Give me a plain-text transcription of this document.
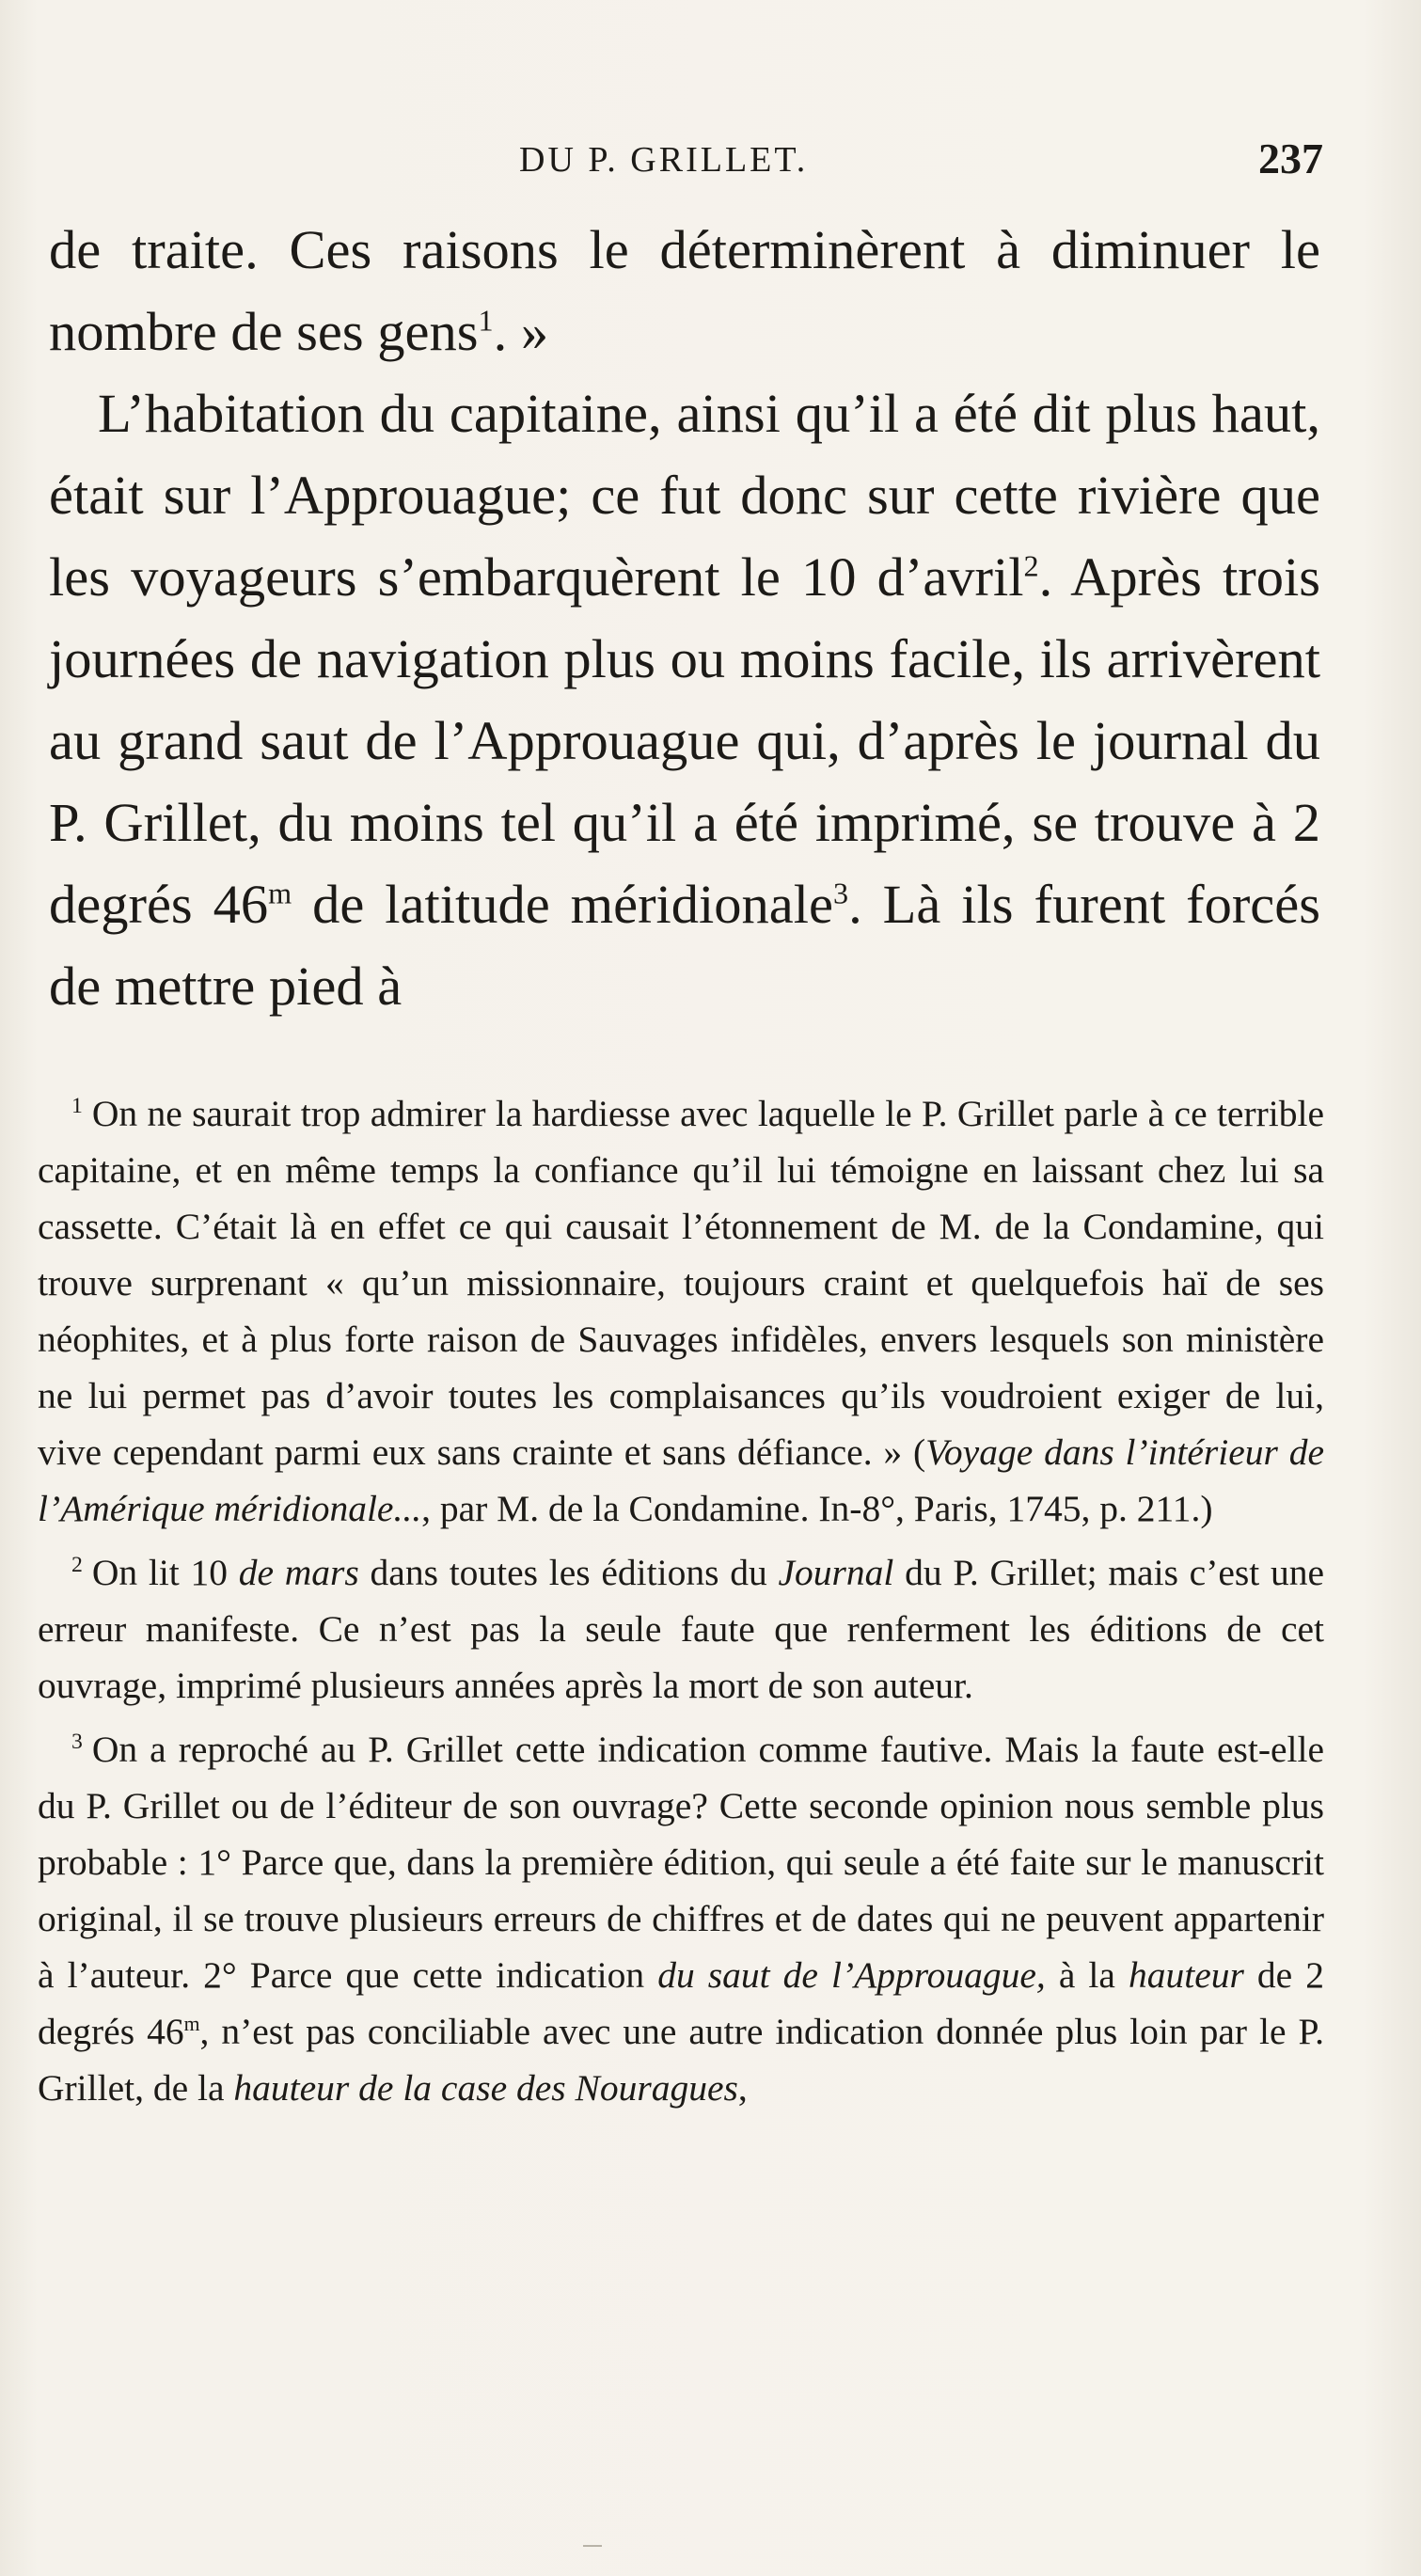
DU P. GRILLET.	237

de traite. Ces raisons le déterminèrent à diminuer le nombre de ses gens$^1$. »

L’habitation du capitaine, ainsi qu’il a été dit plus haut, était sur l’Approuague; ce fut donc sur cette rivière que les voyageurs s’embarquèrent le 10 d’avril$^2$. Après trois journées de navigation plus ou moins facile, ils arrivèrent au grand saut de l’Approuague qui, d’après le journal du P. Grillet, du moins tel qu’il a été imprimé, se trouve à 2 degrés 46$^m$ de latitude méridionale$^3$. Là ils furent forcés de mettre pied à

$^1$ On ne saurait trop admirer la hardiesse avec laquelle le P. Grillet parle à ce terrible capitaine, et en même temps la confiance qu’il lui témoigne en laissant chez lui sa cassette. C’était là en effet ce qui causait l’étonnement de M. de la Condamine, qui trouve surprenant « qu’un missionnaire, toujours craint et quelquefois haï de ses néophites, et à plus forte raison de Sauvages infidèles, envers lesquels son ministère ne lui permet pas d’avoir toutes les complaisances qu’ils voudroient exiger de lui, vive cependant parmi eux sans crainte et sans défiance. » (Voyage dans l’intérieur de l’Amérique méridionale..., par M. de la Condamine. In-8°, Paris, 1745, p. 211.)

$^2$ On lit 10 de mars dans toutes les éditions du Journal du P. Grillet; mais c’est une erreur manifeste. Ce n’est pas la seule faute que renferment les éditions de cet ouvrage, imprimé plusieurs années après la mort de son auteur.

$^3$ On a reproché au P. Grillet cette indication comme fautive. Mais la faute est-elle du P. Grillet ou de l’éditeur de son ouvrage? Cette seconde opinion nous semble plus probable : 1° Parce que, dans la première édition, qui seule a été faite sur le manuscrit original, il se trouve plusieurs erreurs de chiffres et de dates qui ne peuvent appartenir à l’auteur. 2° Parce que cette indication du saut de l’Approuague, à la hauteur de 2 degrés 46$^m$, n’est pas conciliable avec une autre indication donnée plus loin par le P. Grillet, de la hauteur de la case des Nouragues,
